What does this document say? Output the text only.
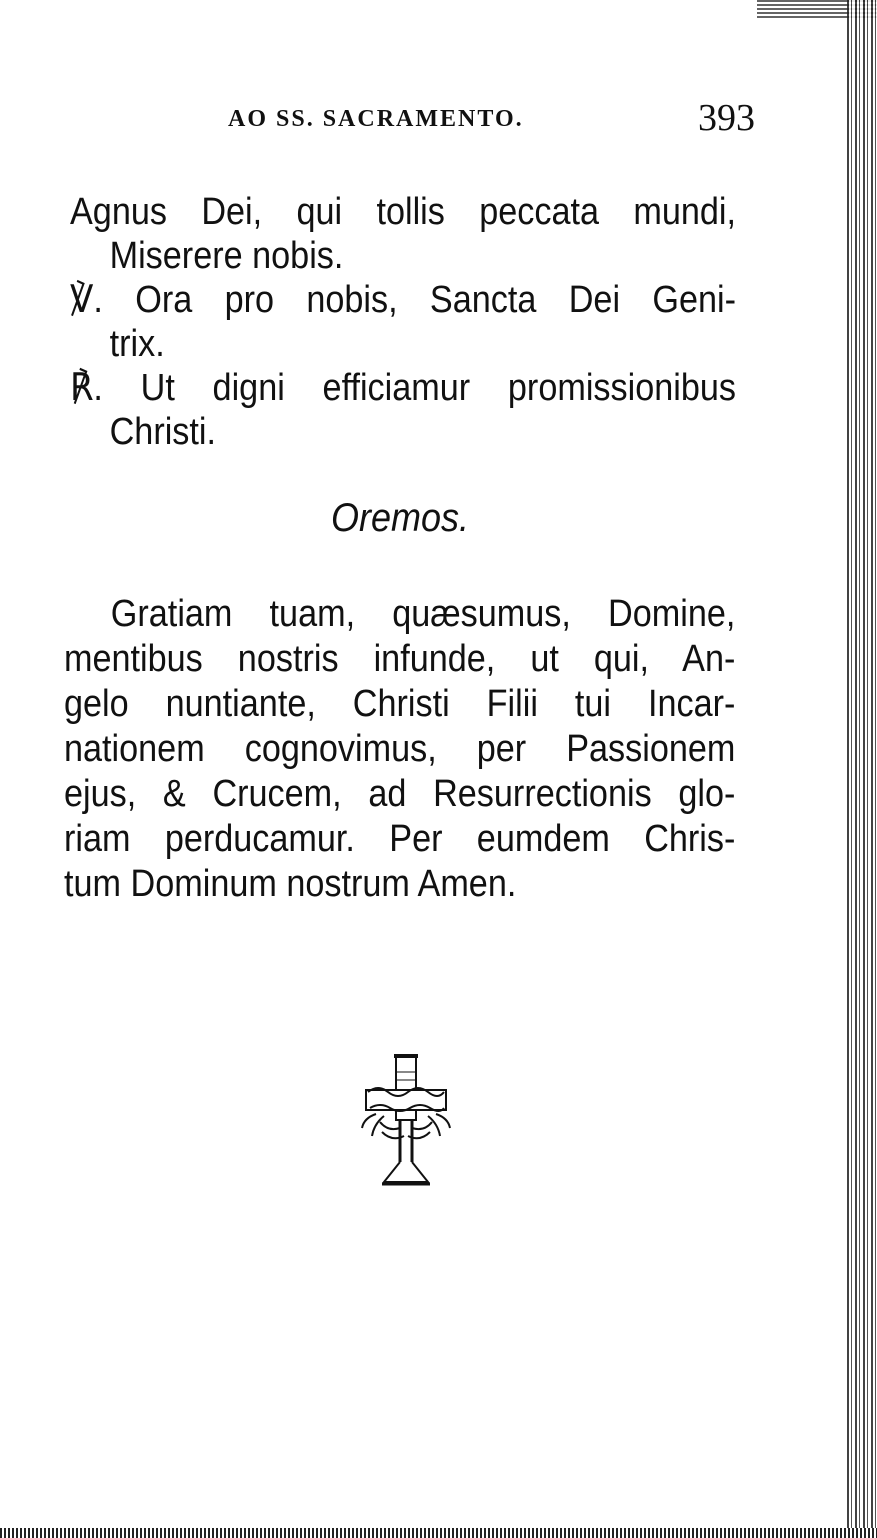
AO SS. SACRAMENTO.	393

Agnus Dei, qui tollis peccata mundi,
Miserere nobis.

℣. Ora pro nobis, Sancta Dei Geni-
trix.

℟. Ut digni efficiamur promissionibus
Christi.

Oremos.
Gratiam tuam, quæsumus, Domine,
mentibus nostris infunde, ut qui, An-
gelo nuntiante, Christi Filii tui Incar-
nationem cognovimus, per Passionem
ejus, & Crucem, ad Resurrectionis glo-
riam perducamur. Per eumdem Chris-
tum Dominum nostrum Amen.
